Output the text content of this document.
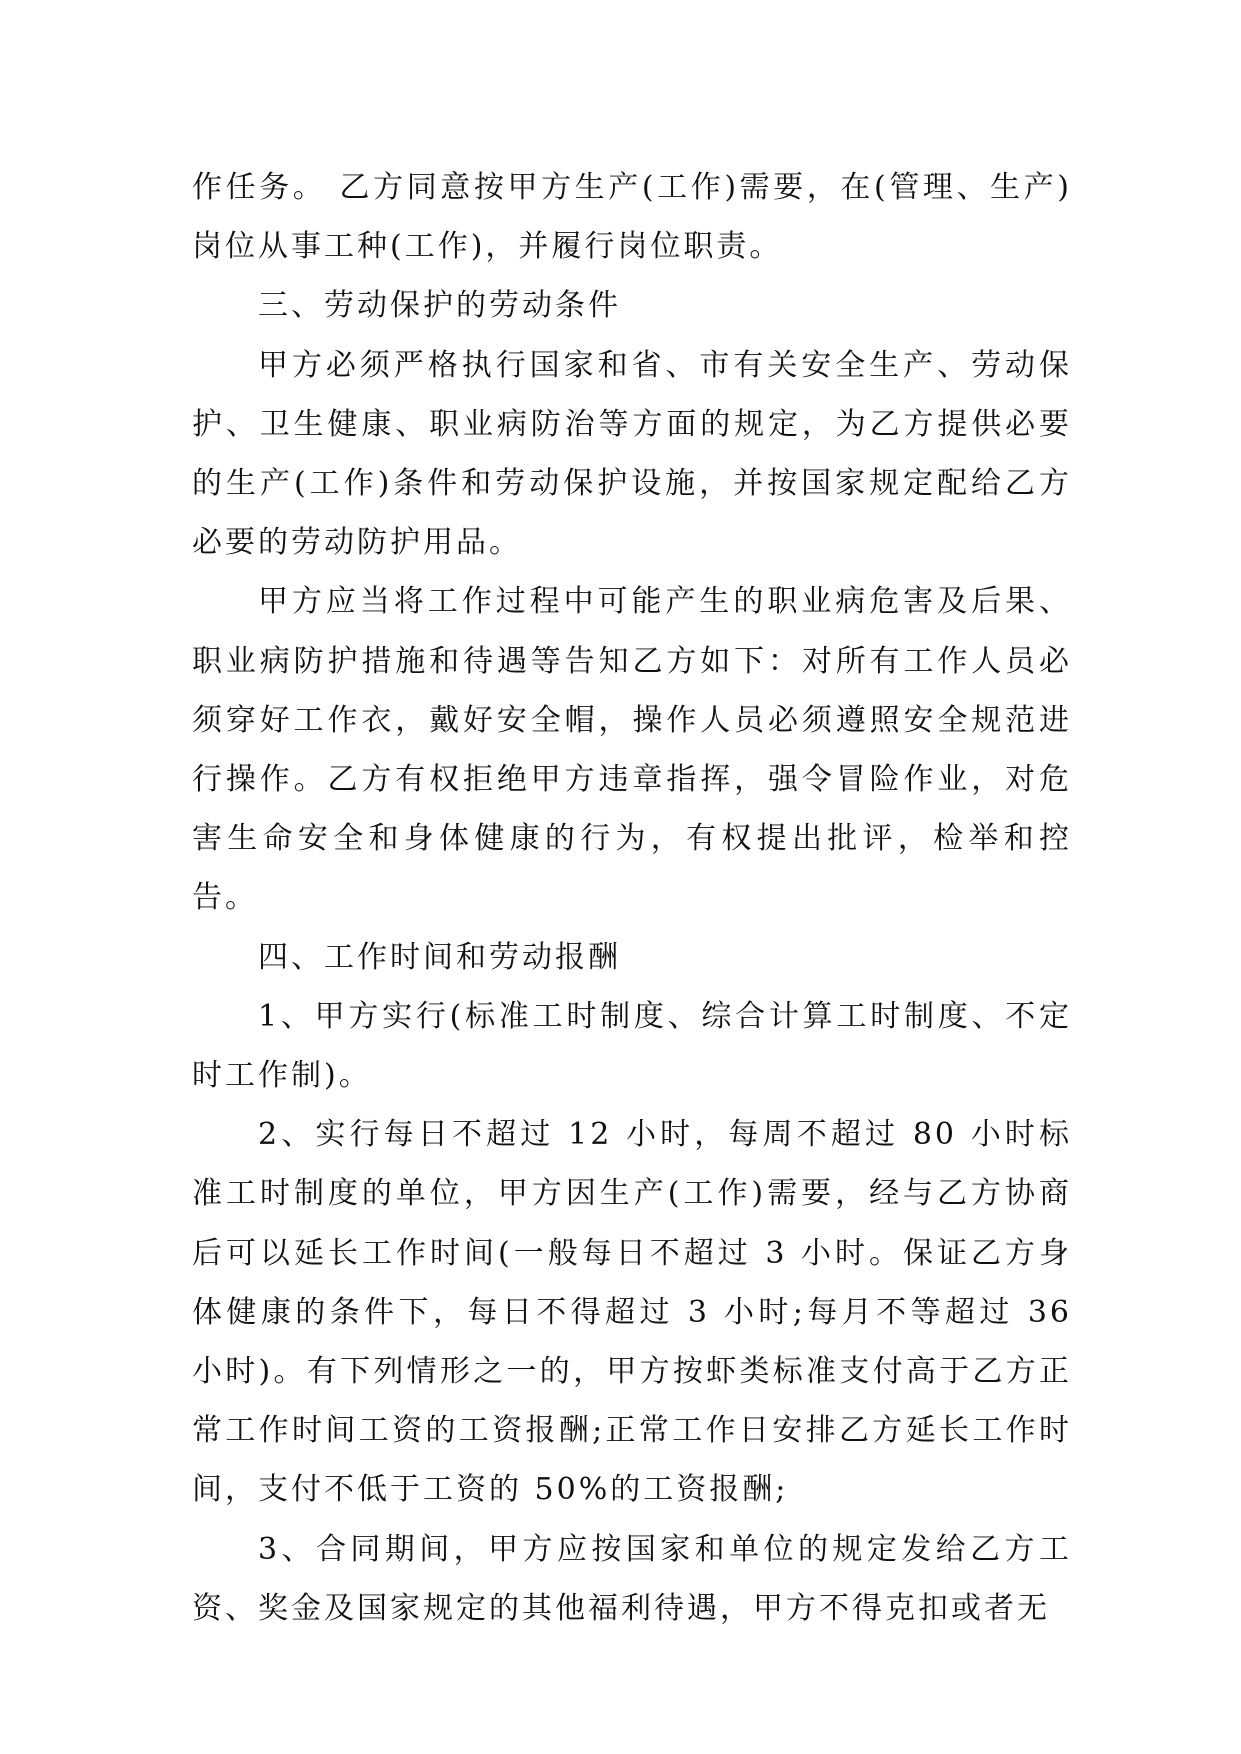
作任务。 乙方同意按甲方生产(工作)需要，在(管理、生产)岗位从事工种(工作)，并履行岗位职责。

三、劳动保护的劳动条件

甲方必须严格执行国家和省、市有关安全生产、劳动保护、卫生健康、职业病防治等方面的规定，为乙方提供必要的生产(工作)条件和劳动保护设施，并按国家规定配给乙方必要的劳动防护用品。

甲方应当将工作过程中可能产生的职业病危害及后果、职业病防护措施和待遇等告知乙方如下：对所有工作人员必须穿好工作衣，戴好安全帽，操作人员必须遵照安全规范进行操作。乙方有权拒绝甲方违章指挥，强令冒险作业，对危害生命安全和身体健康的行为，有权提出批评，检举和控告。

四、工作时间和劳动报酬

1、甲方实行(标准工时制度、综合计算工时制度、不定时工作制)。

2、实行每日不超过 12 小时，每周不超过 80 小时标准工时制度的单位，甲方因生产(工作)需要，经与乙方协商后可以延长工作时间(一般每日不超过 3 小时。保证乙方身体健康的条件下，每日不得超过 3 小时;每月不等超过 36 小时)。有下列情形之一的，甲方按虾类标准支付高于乙方正常工作时间工资的工资报酬;正常工作日安排乙方延长工作时间，支付不低于工资的 50%的工资报酬;

3、合同期间，甲方应按国家和单位的规定发给乙方工资、奖金及国家规定的其他福利待遇，甲方不得克扣或者无
